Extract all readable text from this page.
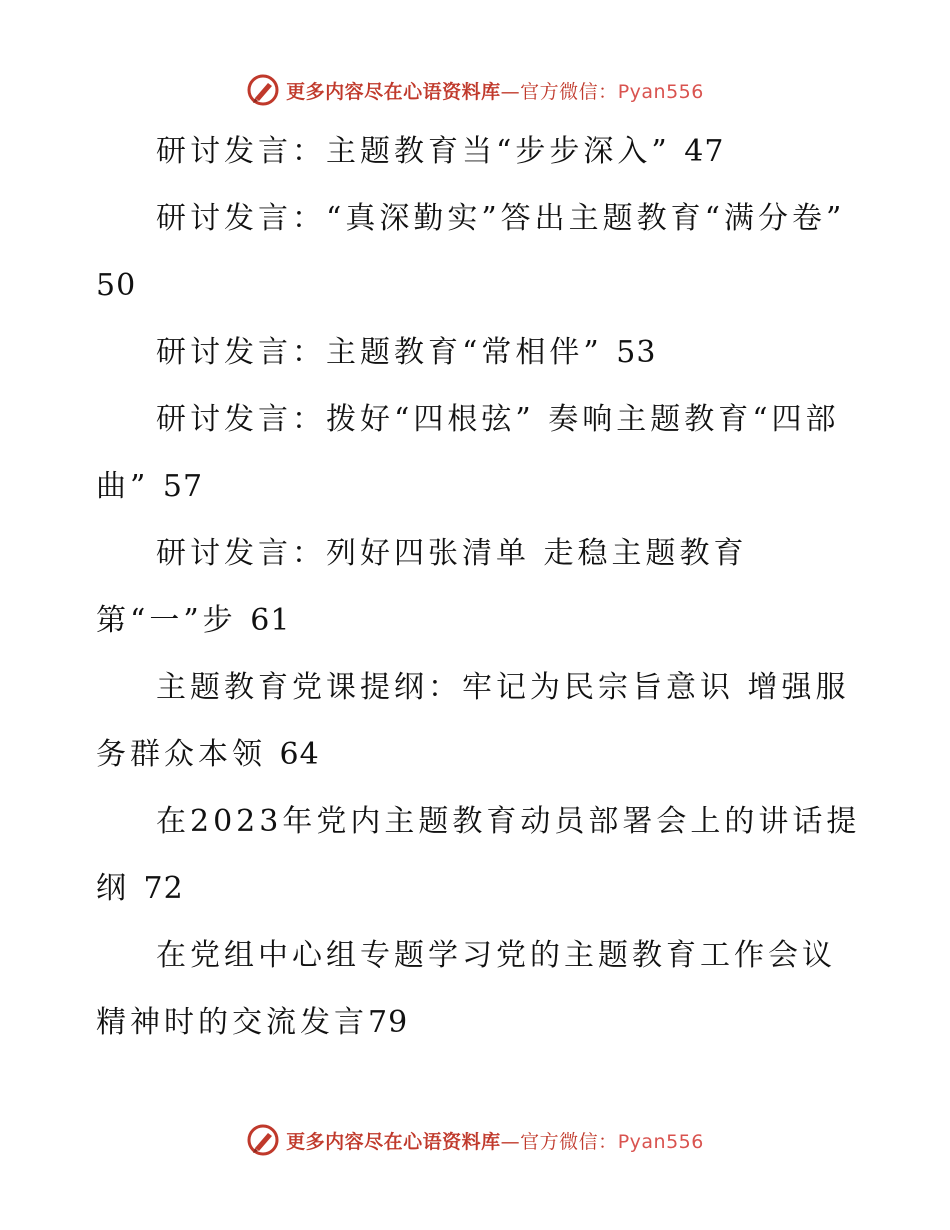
更多内容尽在心语资料库—官方微信：Pyan556
研讨发言：主题教育当“步步深入” 47
研讨发言：“真深勤实”答出主题教育“满分卷” 50
研讨发言：主题教育“常相伴” 53
研讨发言：拨好“四根弦” 奏响主题教育“四部曲” 57
研讨发言：列好四张清单 走稳主题教育 第“一”步 61
主题教育党课提纲：牢记为民宗旨意识 增强服务群众本领 64
在2023年党内主题教育动员部署会上的讲话提纲 72
在党组中心组专题学习党的主题教育工作会议精神时的交流发言79
更多内容尽在心语资料库—官方微信：Pyan556
